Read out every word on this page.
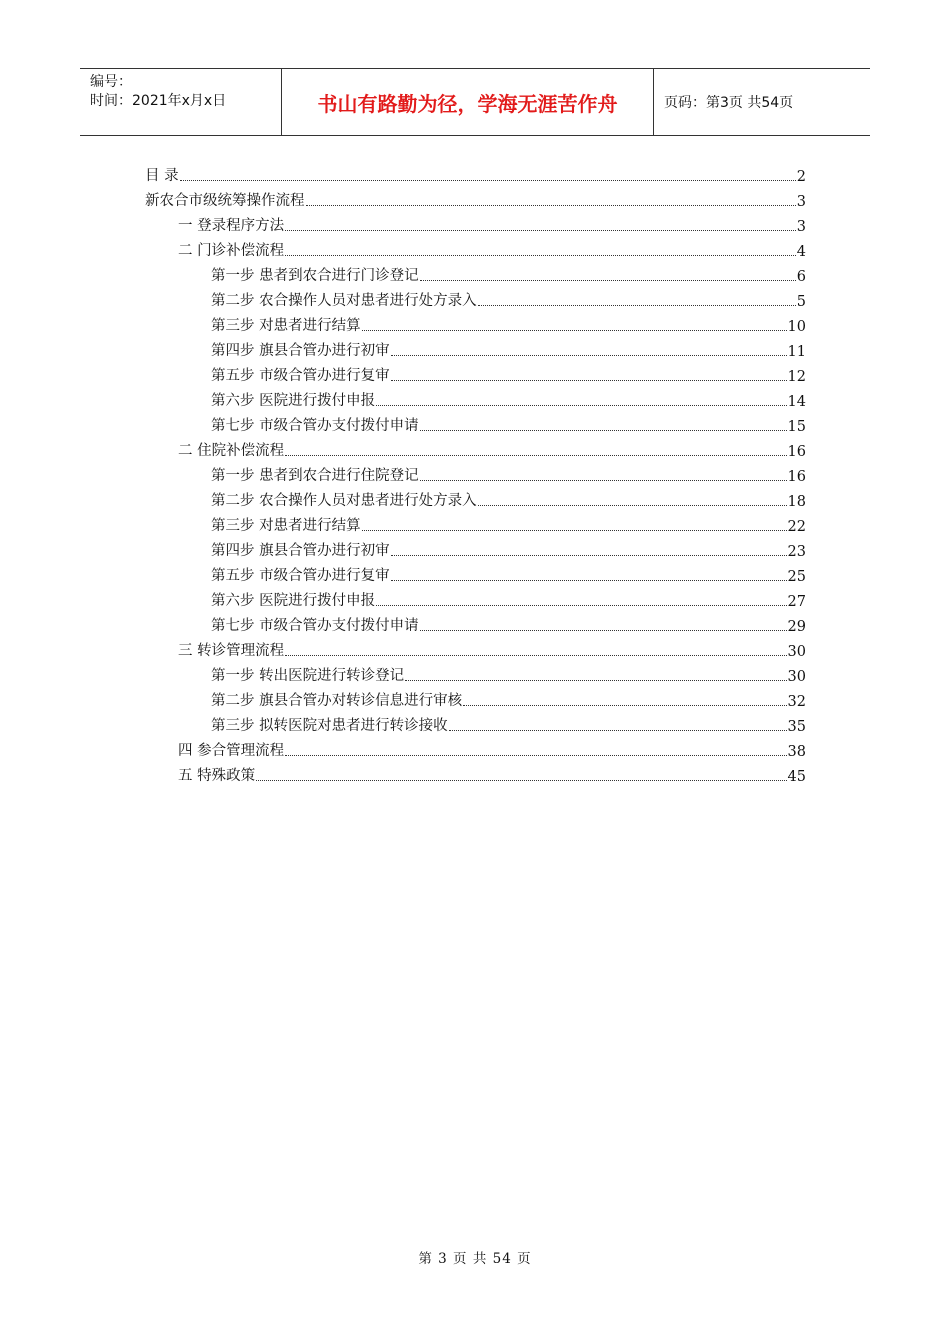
编号：
时间：2021年x月x日	书山有路勤为径，学海无涯苦作舟	页码：第3页 共54页
目 录	2
新农合市级统筹操作流程	3
一 登录程序方法	3
二 门诊补偿流程	4
第一步 患者到农合进行门诊登记	6
第二步 农合操作人员对患者进行处方录入	5
第三步 对患者进行结算	10
第四步 旗县合管办进行初审	11
第五步 市级合管办进行复审	12
第六步 医院进行拨付申报	14
第七步 市级合管办支付拨付申请	15
二 住院补偿流程	16
第一步 患者到农合进行住院登记	16
第二步 农合操作人员对患者进行处方录入	18
第三步 对患者进行结算	22
第四步 旗县合管办进行初审	23
第五步 市级合管办进行复审	25
第六步 医院进行拨付申报	27
第七步 市级合管办支付拨付申请	29
三 转诊管理流程	30
第一步 转出医院进行转诊登记	30
第二步 旗县合管办对转诊信息进行审核	32
第三步 拟转医院对患者进行转诊接收	35
四 参合管理流程	38
五 特殊政策	45
第 3 页 共 54 页
